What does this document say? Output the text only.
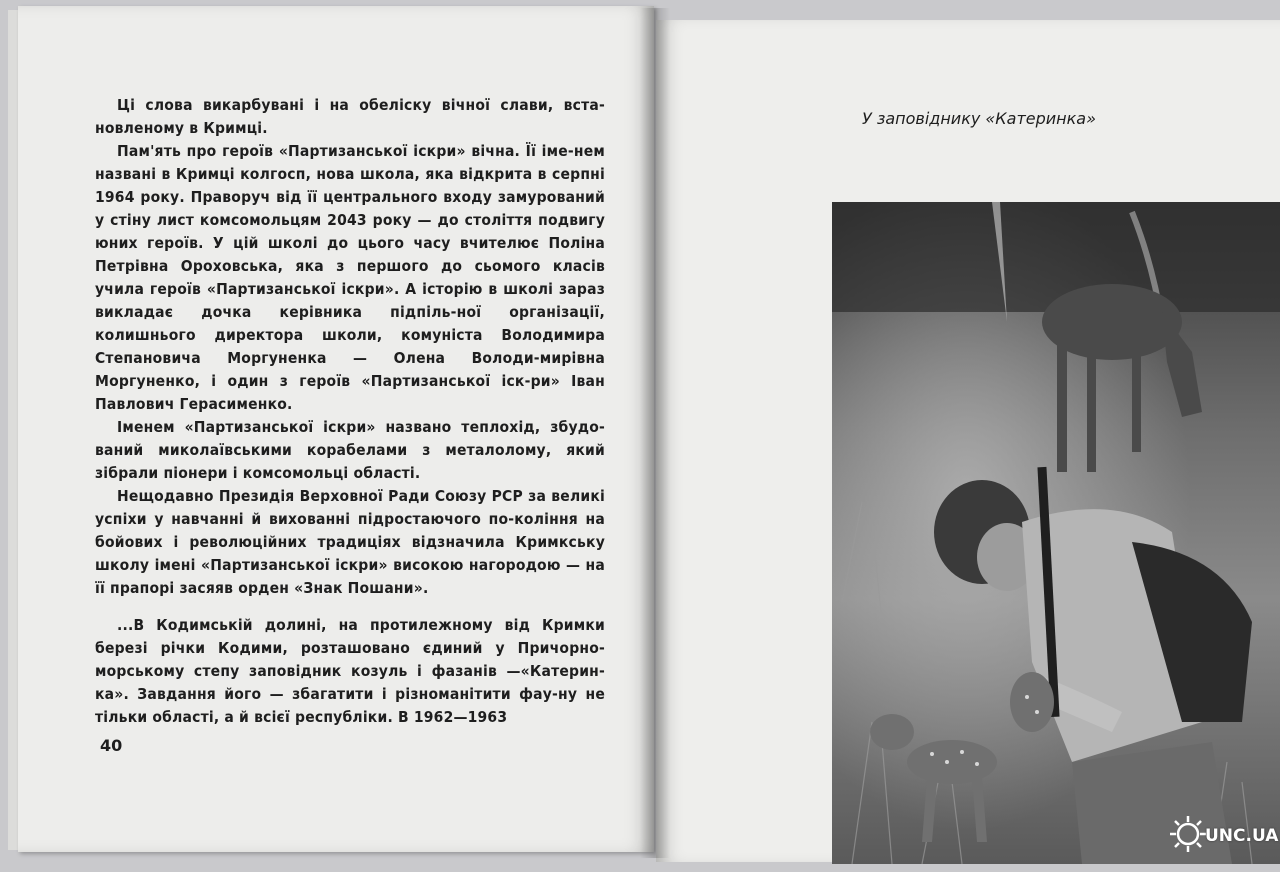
Ці слова викарбувані і на обеліску вічної слави, вста-новленому в Кримці.

Пам'ять про героїв «Партизанської іскри» вічна. Її іме-нем названі в Кримці колгосп, нова школа, яка відкрита в серпні 1964 року. Праворуч від її центрального входу замурований у стіну лист комсомольцям 2043 року — до століття подвигу юних героїв. У цій школі до цього часу вчителює Поліна Петрівна Ороховська, яка з першого до сьомого класів учила героїв «Партизанської іскри». А історію в школі зараз викладає дочка керівника підпіль-ної організації, колишнього директора школи, комуніста Володимира Степановича Моргуненка — Олена Володи-мирівна Моргуненко, і один з героїв «Партизанської іск-ри» Іван Павлович Герасименко.

Іменем «Партизанської іскри» названо теплохід, збудо-ваний миколаївськими корабелами з металолому, який зібрали піонери і комсомольці області.

Нещодавно Президія Верховної Ради Союзу РСР за великі успіхи у навчанні й вихованні підростаючого по-коління на бойових і революційних традиціях відзначила Кримкську школу імені «Партизанської іскри» високою нагородою — на її прапорі засяяв орден «Знак Пошани».

...В Кодимській долині, на протилежному від Кримки березі річки Кодими, розташовано єдиний у Причорно-морському степу заповідник козуль і фазанів —«Катерин-ка». Завдання його — збагатити і різноманітити фау-ну не тільки області, а й всієї республіки. В 1962—1963

40
У заповіднику «Катеринка»
UNC.UA
